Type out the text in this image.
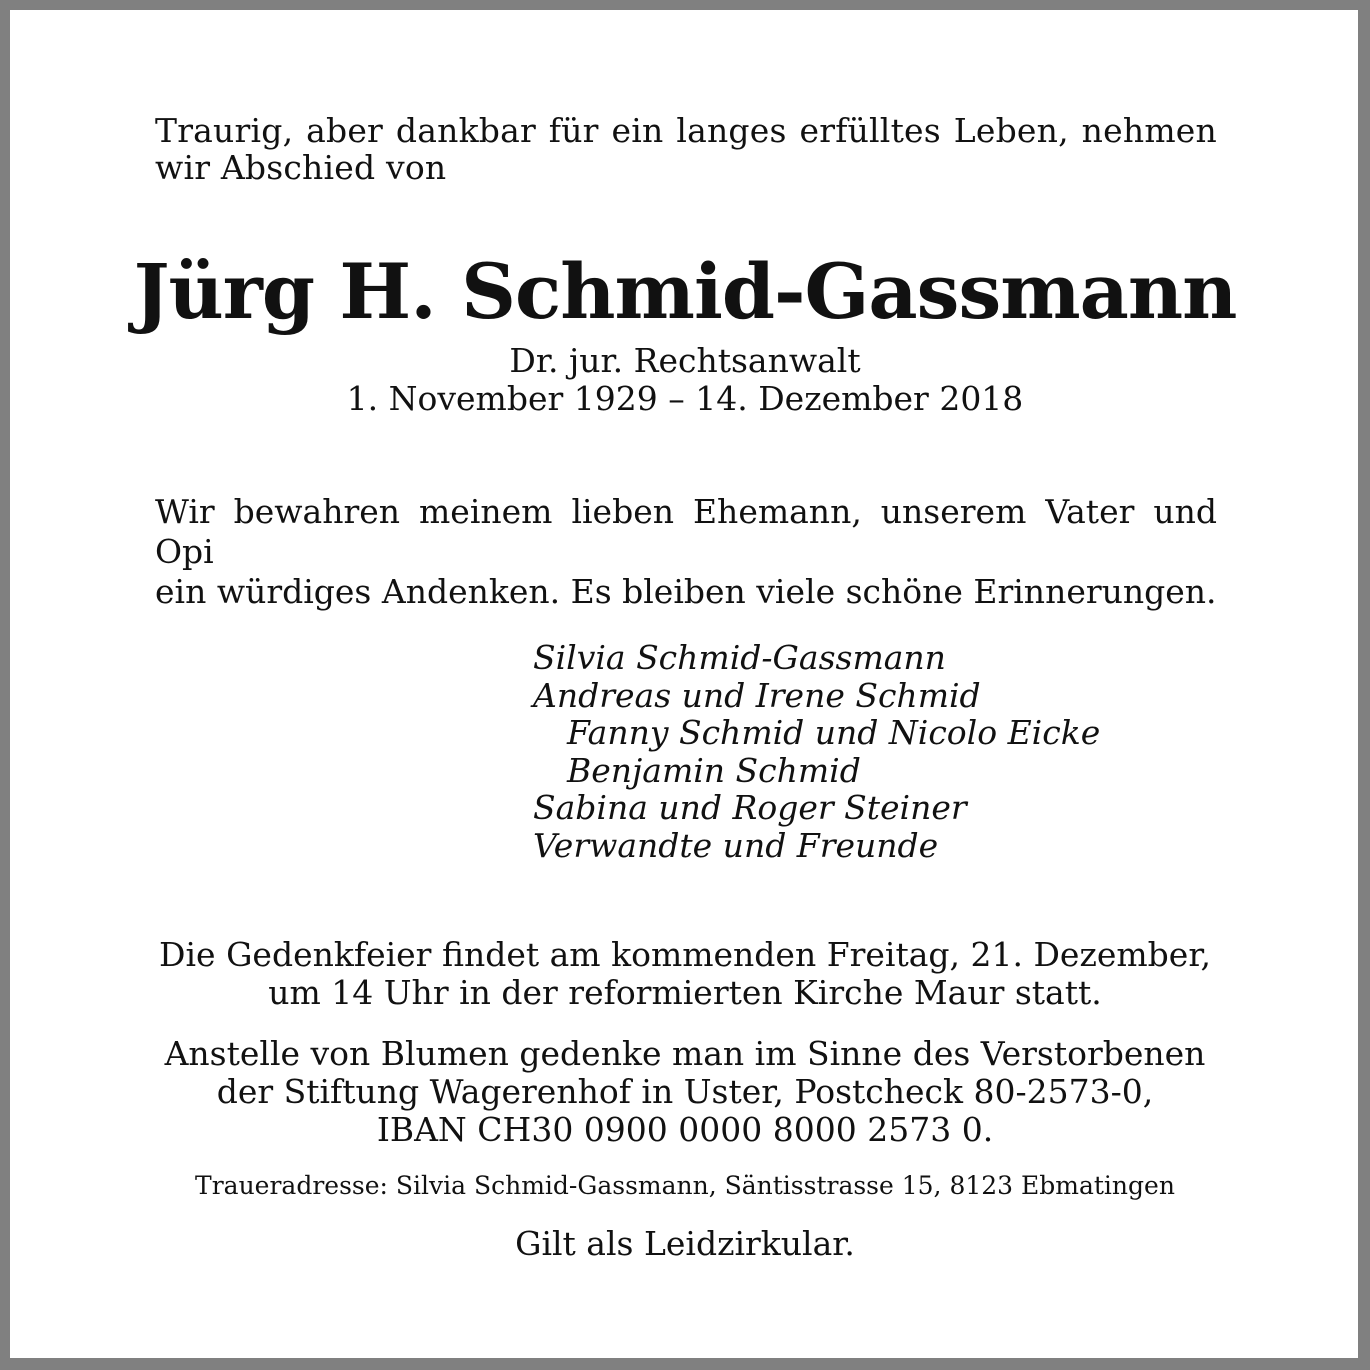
Traurig, aber dankbar für ein langes erfülltes Leben, nehmen wir Abschied von
Jürg H. Schmid-Gassmann
Dr. jur. Rechtsanwalt
1. November 1929 – 14. Dezember 2018
Wir bewahren meinem lieben Ehemann, unserem Vater und Opi
ein würdiges Andenken. Es bleiben viele schöne Erinnerungen.
Silvia Schmid-Gassmann
Andreas und Irene Schmid
Fanny Schmid und Nicolo Eicke
Benjamin Schmid
Sabina und Roger Steiner
Verwandte und Freunde
Die Gedenkfeier findet am kommenden Freitag, 21. Dezember,
um 14 Uhr in der reformierten Kirche Maur statt.
Anstelle von Blumen gedenke man im Sinne des Verstorbenen
der Stiftung Wagerenhof in Uster, Postcheck 80-2573-0,
IBAN CH30 0900 0000 8000 2573 0.
Traueradresse: Silvia Schmid-Gassmann, Säntisstrasse 15, 8123 Ebmatingen
Gilt als Leidzirkular.
